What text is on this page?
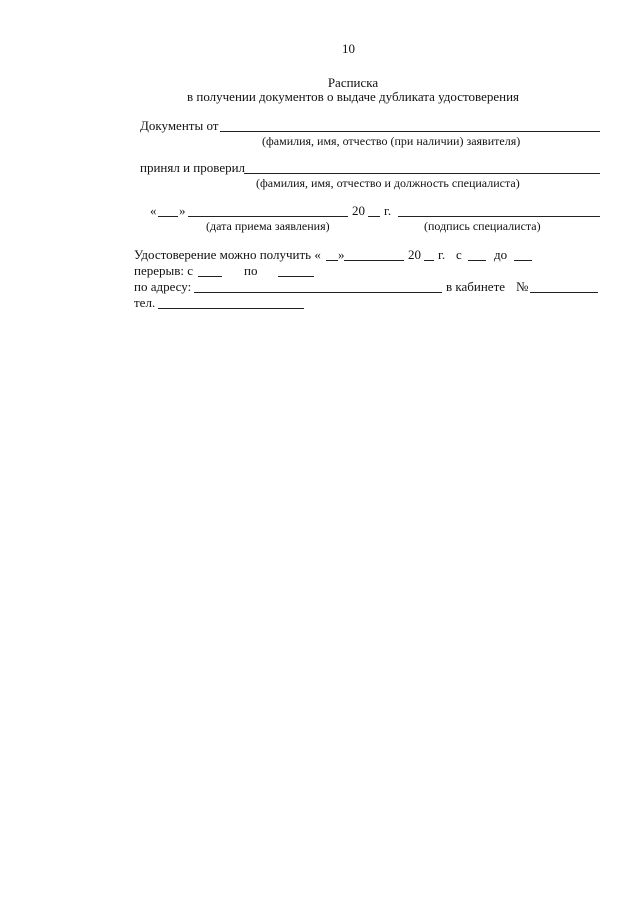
10
Расписка
в получении документов о выдаче дубликата удостоверения
Документы от
(фамилия, имя, отчество (при наличии) заявителя)
принял и проверил
(фамилия, имя, отчество и должность специалиста)
« »	20 г.
(дата приема заявления)	(подпись специалиста)
Удостоверение можно получить « »	20 г. с до
перерыв: с	по
по адресу:	в кабинете №
тел.
